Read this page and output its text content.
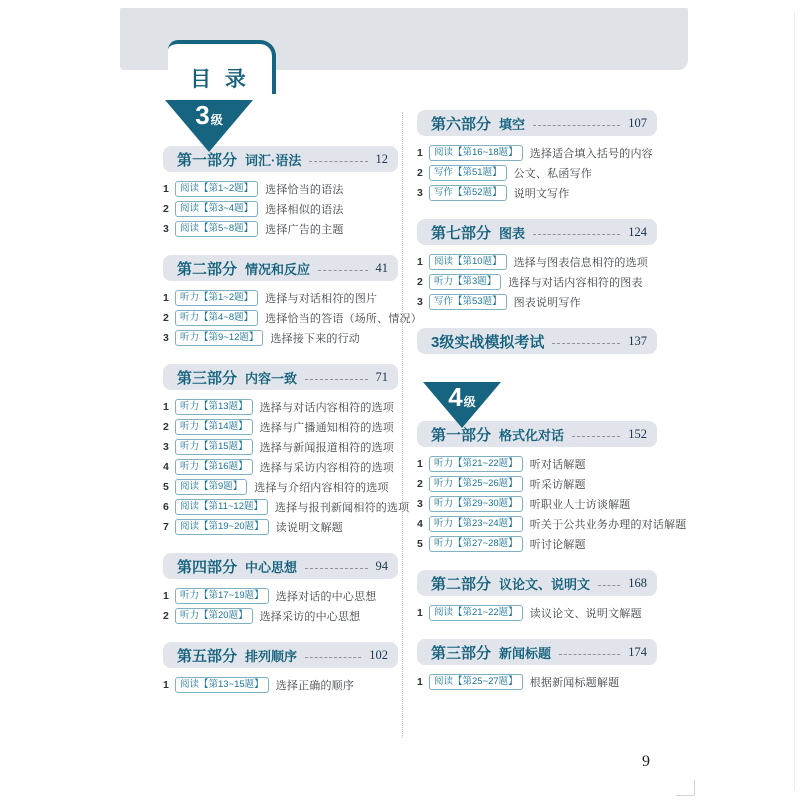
目 录
3 级
第一部分 词汇·语法	12
1	阅读【第1~2题】	选择恰当的语法
2	阅读【第3~4题】	选择相似的语法
3	阅读【第5~8题】	选择广告的主题
第二部分 情况和反应	41
1	听力【第1~2题】	选择与对话相符的图片
2	听力【第4~8题】	选择恰当的答语（场所、情况）
3	听力【第9~12题】	选择接下来的行动
第三部分 内容一致	71
1	听力【第13题】	选择与对话内容相符的选项
2	听力【第14题】	选择与广播通知相符的选项
3	听力【第15题】	选择与新闻报道相符的选项
4	听力【第16题】	选择与采访内容相符的选项
5	阅读【第9题】	选择与介绍内容相符的选项
6	阅读【第11~12题】	选择与报刊新闻相符的选项
7	阅读【第19~20题】	读说明文解题
第四部分 中心思想	94
1	听力【第17~19题】	选择对话的中心思想
2	听力【第20题】	选择采访的中心思想
第五部分 排列顺序	102
1	阅读【第13~15题】	选择正确的顺序
第六部分 填空	107
1	阅读【第16~18题】	选择适合填入括号的内容
2	写作【第51题】	公文、私函写作
3	写作【第52题】	说明文写作
第七部分 图表	124
1	阅读【第10题】	选择与图表信息相符的选项
2	听力【第3题】	选择与对话内容相符的图表
3	写作【第53题】	图表说明写作
3级实战模拟考试	137
4 级
第一部分 格式化对话	152
1	听力【第21~22题】	听对话解题
2	听力【第25~26题】	听采访解题
3	听力【第29~30题】	听职业人士访谈解题
4	听力【第23~24题】	听关于公共业务办理的对话解题
5	听力【第27~28题】	听讨论解题
第二部分 议论文、说明文	168
1	阅读【第21~22题】	读议论文、说明文解题
第三部分 新闻标题	174
1	阅读【第25~27题】	根据新闻标题解题
9
